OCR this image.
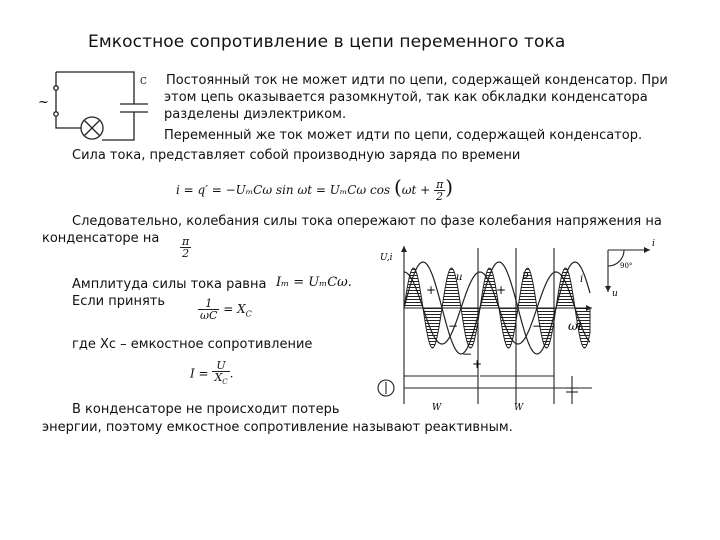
Емкостное сопротивление в цепи переменного тока
С
~
Постоянный ток не может идти по цепи, содержащей конденсатор. При
этом цепь оказывается разомкнутой, так как обкладки конденсатора
разделены диэлектриком.
Переменный же ток может идти по цепи, содержащей конденсатор.
Сила тока, представляет собой производную заряда по времени
i = q′ = −UₘCω sin ωt = UₘCω $\cos (\omega t + \frac{\pi}{2}$ )
Следовательно, колебания силы тока опережают по фазе колебания напряжения на
конденсаторе на $\frac{\pi}{2}$
Амплитуда силы тока равна Iₘ = UₘCω.
Если принять	$\frac{1}{\omega C} = X_C$
где Xc – емкостное сопротивление
$I = \frac{U}{X_C}$ .
В конденсаторе не происходит потерь
энергии, поэтому емкостное сопротивление называют реактивным.
U,i
ωt
u	p	i
+
−
+
−
+
−
W	W
i
90°
u
